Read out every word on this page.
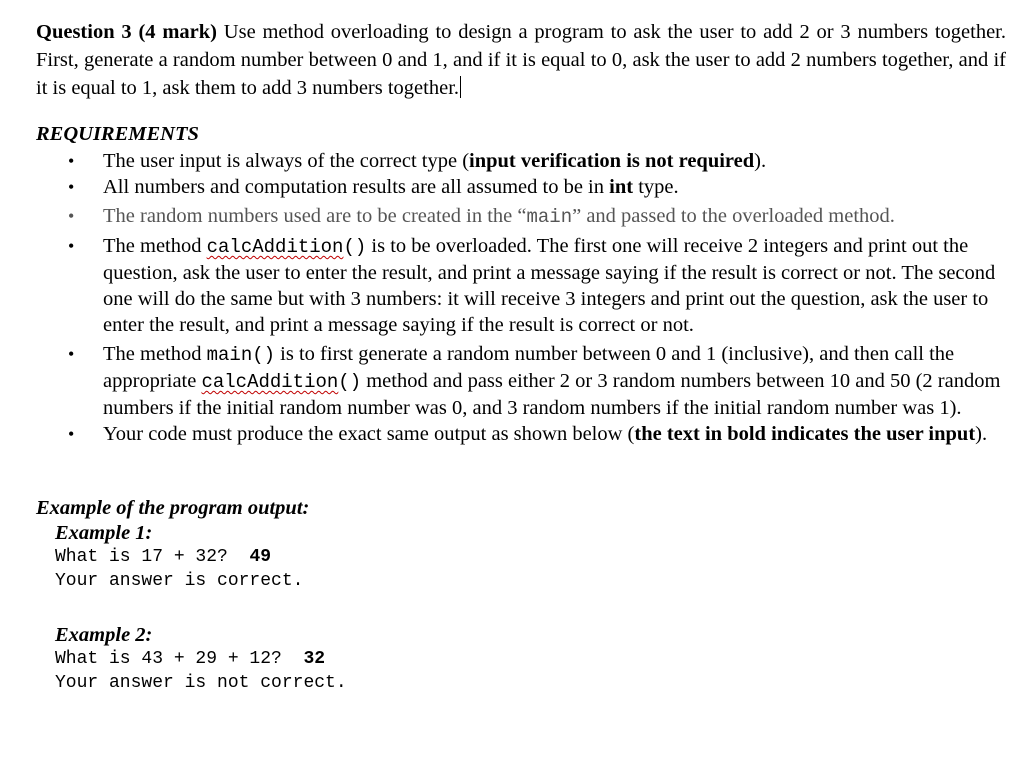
Question 3 (4 mark) Use method overloading to design a program to ask the user to add 2 or 3 numbers together. First, generate a random number between 0 and 1, and if it is equal to 0, ask the user to add 2 numbers together, and if it is equal to 1, ask them to add 3 numbers together.

REQUIREMENTS
• The user input is always of the correct type (input verification is not required).
• All numbers and computation results are all assumed to be in int type.
• The random numbers used are to be created in the “main” and passed to the overloaded method.
• The method calcAddition() is to be overloaded. The first one will receive 2 integers and print out the question, ask the user to enter the result, and print a message saying if the result is correct or not. The second one will do the same but with 3 numbers: it will receive 3 integers and print out the question, ask the user to enter the result, and print a message saying if the result is correct or not.
• The method main() is to first generate a random number between 0 and 1 (inclusive), and then call the appropriate calcAddition() method and pass either 2 or 3 random numbers between 10 and 50 (2 random numbers if the initial random number was 0, and 3 random numbers if the initial random number was 1).
• Your code must produce the exact same output as shown below (the text in bold indicates the user input).
Example of the program output:
Example 1:
What is 17 + 32?  49
Your answer is correct.
Example 2:
What is 43 + 29 + 12?  32
Your answer is not correct.
